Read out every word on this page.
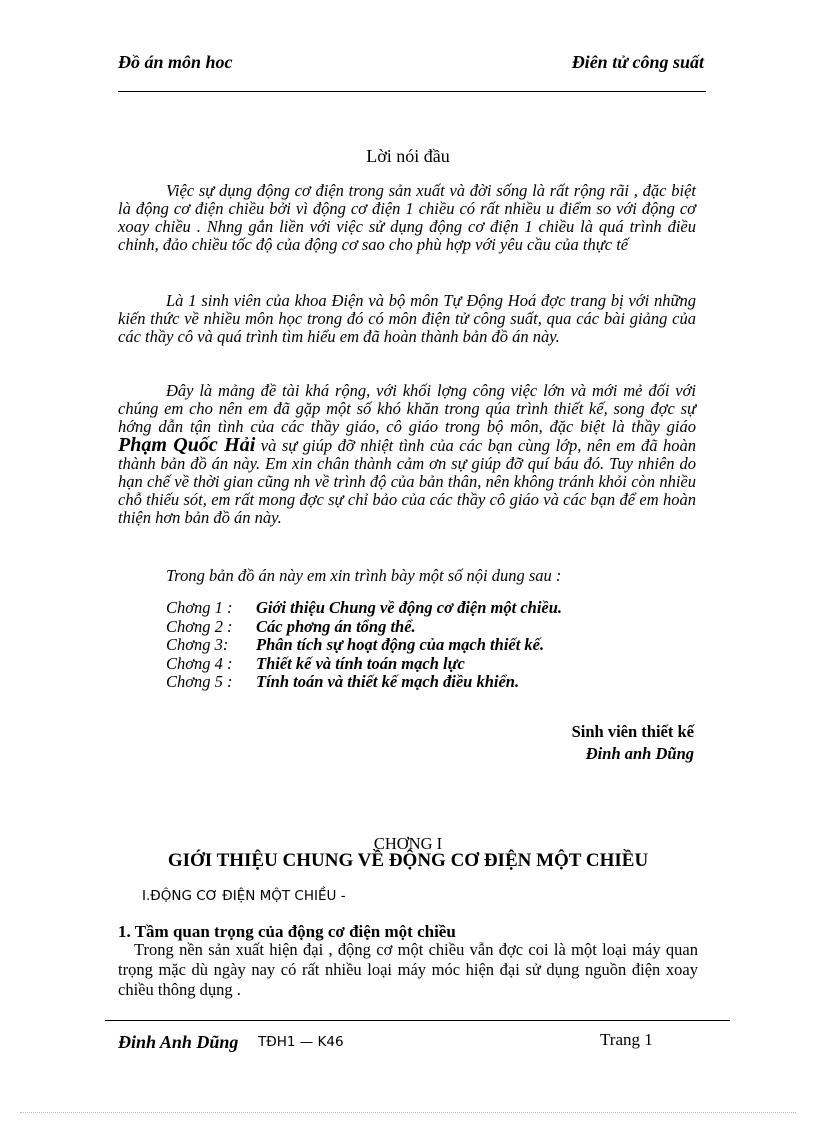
Đồ án môn hoc	Điên tử công suất
Lời nói đầu
Việc sự dụng động cơ điện trong sản xuất và đời sống là rất rộng rãi , đặc biệt là động cơ điện chiều bởi vì động cơ điện 1 chiều có rất nhiều u điểm so với động cơ xoay chiều . Nhng gắn liền với việc sử dụng động cơ điện 1 chiều là quá trình điều chỉnh, đảo chiều tốc độ của động cơ sao cho phù hợp với yêu cầu của thực tế
Là 1 sinh viên của khoa Điện và bộ môn Tự Động Hoá đợc trang bị với những kiến thức về nhiều môn học trong đó có môn điện tử công suất, qua các bài giảng của các thầy cô và quá trình tìm hiểu em đã hoàn thành bản đồ án này.
Đây là mảng đề tài khá rộng, với khối lợng công việc lớn và mới mẻ đối với chúng em cho nên em đã gặp một số khó khăn trong qúa trình thiết kế, song đợc sự hớng dẫn tận tình của các thầy giáo, cô giáo trong bộ môn, đặc biệt là thầy giáo Phạm Quốc Hải và sự giúp đỡ nhiệt tình của các bạn cùng lớp, nên em đã hoàn thành bản đồ án này. Em xin chân thành cảm ơn sự giúp đỡ quí báu đó. Tuy nhiên do hạn chế về thời gian cũng nh về trình độ của bản thân, nên không tránh khỏi còn nhiều chỗ thiếu sót, em rất mong đợc sự chỉ bảo của các thầy cô giáo và các bạn để em hoàn thiện hơn bản đồ án này.
Trong bản đồ án này em xin trình bày một số nội dung sau :
Chơng 1 : Giới thiệu Chung về động cơ điện một chiều.
Chơng 2 : Các phơng án tổng thể.
Chơng 3: Phân tích sự hoạt động của mạch thiết kế.
Chơng 4 : Thiết kế và tính toán mạch lực
Chơng 5 : Tính toán và thiết kế mạch điều khiển.
Sinh viên thiết kế
Đinh anh Dũng
CHƠNG I
GIỚI THIỆU CHUNG VỀ ĐỘNG CƠ ĐIỆN MỘT CHIỀU
I.ĐỘNG CƠ ĐIỆN MỘT CHIỀU -
1. Tầm quan trọng của động cơ điện một chiều
Trong nền sản xuất hiện đại , động cơ một chiều vẫn đợc coi là một loại máy quan trọng mặc dù ngày nay có rất nhiều loại máy móc hiện đại sử dụng nguồn điện xoay chiều thông dụng .
Đinh Anh Dũng TĐH1 — K46	Trang 1
